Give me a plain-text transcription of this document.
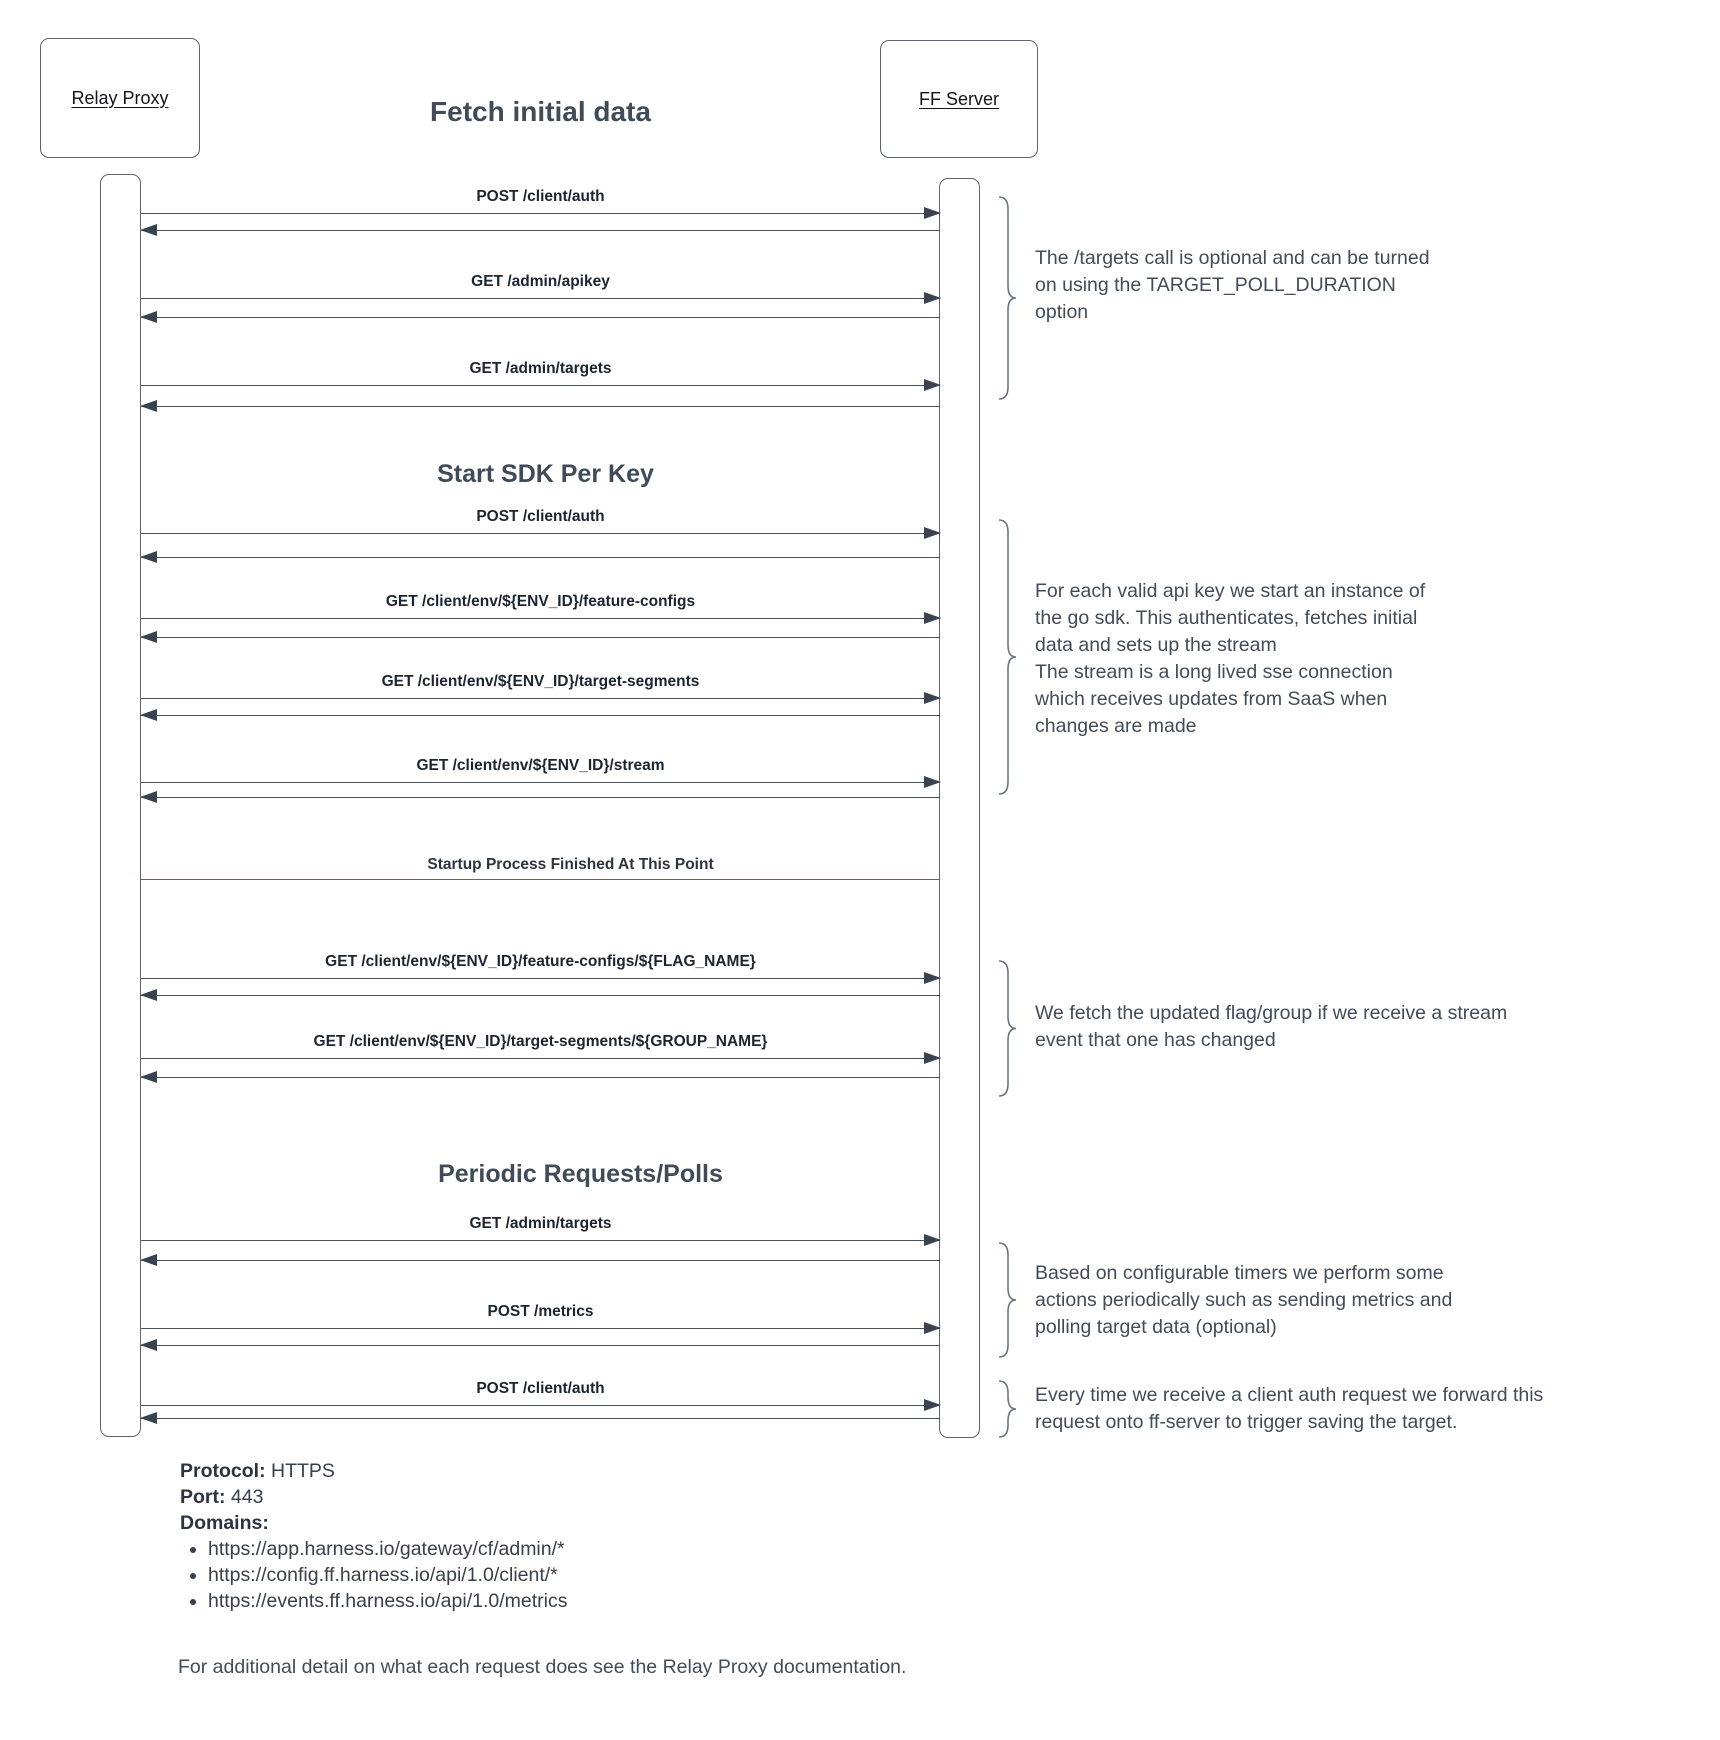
Relay Proxy	FF Server
Fetch initial data
Start SDK Per Key
Periodic Requests/Polls
POST /client/auth
GET /admin/apikey
GET /admin/targets
POST /client/auth
GET /client/env/${ENV_ID}/feature-configs
GET /client/env/${ENV_ID}/target-segments
GET /client/env/${ENV_ID}/stream
GET /client/env/${ENV_ID}/feature-configs/${FLAG_NAME}
GET /client/env/${ENV_ID}/target-segments/${GROUP_NAME}
GET /admin/targets
POST /metrics
POST /client/auth
Startup Process Finished At This Point
The /targets call is optional and can be turned
on using the TARGET_POLL_DURATION
option
For each valid api key we start an instance of
the go sdk. This authenticates, fetches initial
data and sets up the stream
The stream is a long lived sse connection
which receives updates from SaaS when
changes are made
We fetch the updated flag/group if we receive a stream
event that one has changed
Based on configurable timers we perform some
actions periodically such as sending metrics and
polling target data (optional)
Every time we receive a client auth request we forward this
request onto ff-server to trigger saving the target.
Protocol: HTTPS
Port: 443
Domains:
• https://app.harness.io/gateway/cf/admin/*
• https://config.ff.harness.io/api/1.0/client/*
• https://events.ff.harness.io/api/1.0/metrics
For additional detail on what each request does see the Relay Proxy documentation.
